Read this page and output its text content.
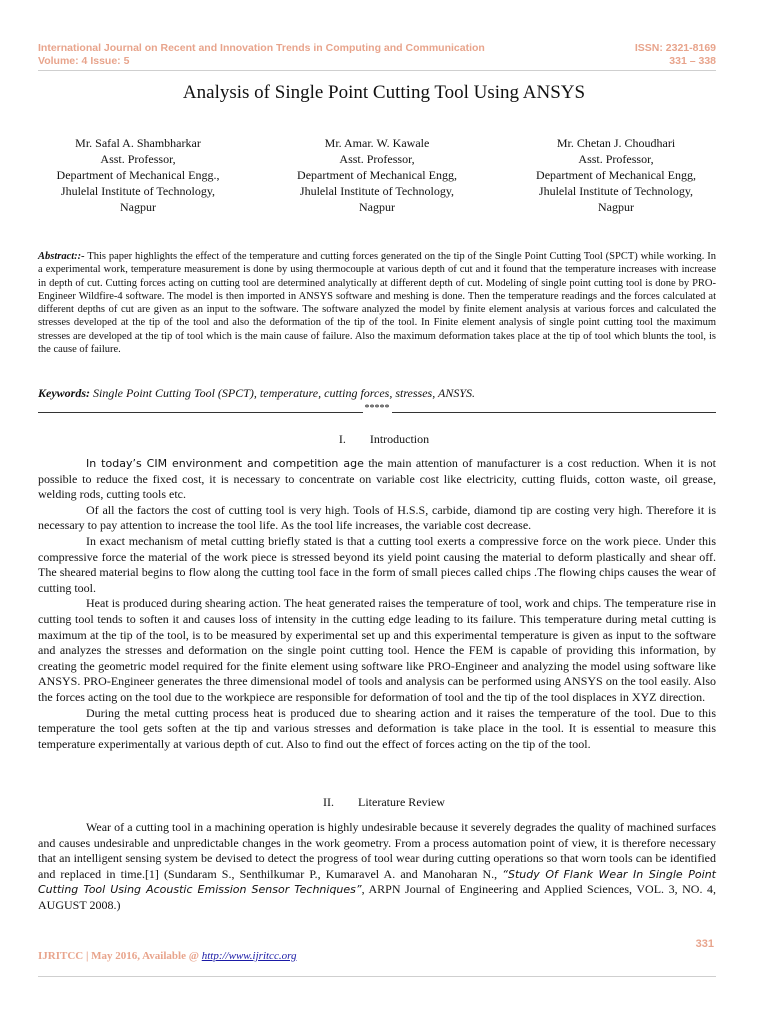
International Journal on Recent and Innovation Trends in Computing and Communication	ISSN: 2321-8169
Volume: 4 Issue: 5	331 – 338
Analysis of Single Point Cutting Tool Using ANSYS
Mr. Safal A. Shambharkar
Asst. Professor,
Department of Mechanical Engg.,
Jhulelal Institute of Technology,
Nagpur
Mr. Amar. W. Kawale
Asst. Professor,
Department of Mechanical Engg,
Jhulelal Institute of Technology,
Nagpur
Mr. Chetan J. Choudhari
Asst. Professor,
Department of Mechanical Engg,
Jhulelal Institute of Technology,
Nagpur
Abstract::- This paper highlights the effect of the temperature and cutting forces generated on the tip of the Single Point Cutting Tool (SPCT) while working. In a experimental work, temperature measurement is done by using thermocouple at various depth of cut and it found that the temperature increases with increase in depth of cut. Cutting forces acting on cutting tool are determined analytically at different depth of cut. Modeling of single point cutting tool is done by PRO-Engineer Wildfire-4 software. The model is then imported in ANSYS software and meshing is done. Then the temperature readings and the forces calculated at different depths of cut are given as an input to the software. The software analyzed the model by finite element analysis at various forces and calculated the stresses developed at the tip of the tool and also the deformation of the tip of the tool. In Finite element analysis of single point cutting tool the maximum stresses are developed at the tip of tool which is the main cause of failure. Also the maximum deformation takes place at the tip of tool which blunts the tool, is the cause of failure.
Keywords: Single Point Cutting Tool (SPCT), temperature, cutting forces, stresses, ANSYS.
*****
I.        Introduction

In today’s CIM environment and competition age the main attention of manufacturer is a cost reduction. When it is not possible to reduce the fixed cost, it is necessary to concentrate on variable cost like electricity, cutting fluids, cotton waste, oil grease, welding rods, cutting tools etc.

Of all the factors the cost of cutting tool is very high. Tools of H.S.S, carbide, diamond tip are costing very high. Therefore it is necessary to pay attention to increase the tool life. As the tool life increases, the variable cost decrease.

In exact mechanism of metal cutting briefly stated is that a cutting tool exerts a compressive force on the work piece. Under this compressive force the material of the work piece is stressed beyond its yield point causing the material to deform plastically and shear off. The sheared material begins to flow along the cutting tool face in the form of small pieces called chips .The flowing chips causes the wear of cutting tool.

Heat is produced during shearing action. The heat generated raises the temperature of tool, work and chips. The temperature rise in cutting tool tends to soften it and causes loss of intensity in the cutting edge leading to its failure. This temperature during metal cutting is maximum at the tip of the tool, is to be measured by experimental set up and this experimental temperature is given as input to the software and analyzes the stresses and deformation on the single point cutting tool. Hence the FEM is capable of providing this information, by creating the geometric model required for the finite element using software like PRO-Engineer and analyzing the model using software like ANSYS. PRO-Engineer generates the three dimensional model of tools and analysis can be performed using ANSYS on the tool easily. Also the forces acting on the tool due to the workpiece are responsible for deformation of tool and the tip of the tool displaces in XYZ direction.

During the metal cutting process heat is produced due to shearing action and it raises the temperature of the tool. Due to this temperature the tool gets soften at the tip and various stresses and deformation is take place in the tool. It is essential to measure this temperature experimentally at various depth of cut. Also to find out the effect of forces acting on the tip of the tool.

II.        Literature Review

Wear of a cutting tool in a machining operation is highly undesirable because it severely degrades the quality of machined surfaces and causes undesirable and unpredictable changes in the work geometry. From a process automation point of view, it is therefore necessary that an intelligent sensing system be devised to detect the progress of tool wear during cutting operations so that worn tools can be identified and replaced in time.[1] (Sundaram S., Senthilkumar P., Kumaravel A. and Manoharan N., “Study Of Flank Wear In Single Point Cutting Tool Using Acoustic Emission Sensor Techniques”, ARPN Journal of Engineering and Applied Sciences, VOL. 3, NO. 4, AUGUST 2008.)

331
IJRITCC | May 2016, Available @ http://www.ijritcc.org
